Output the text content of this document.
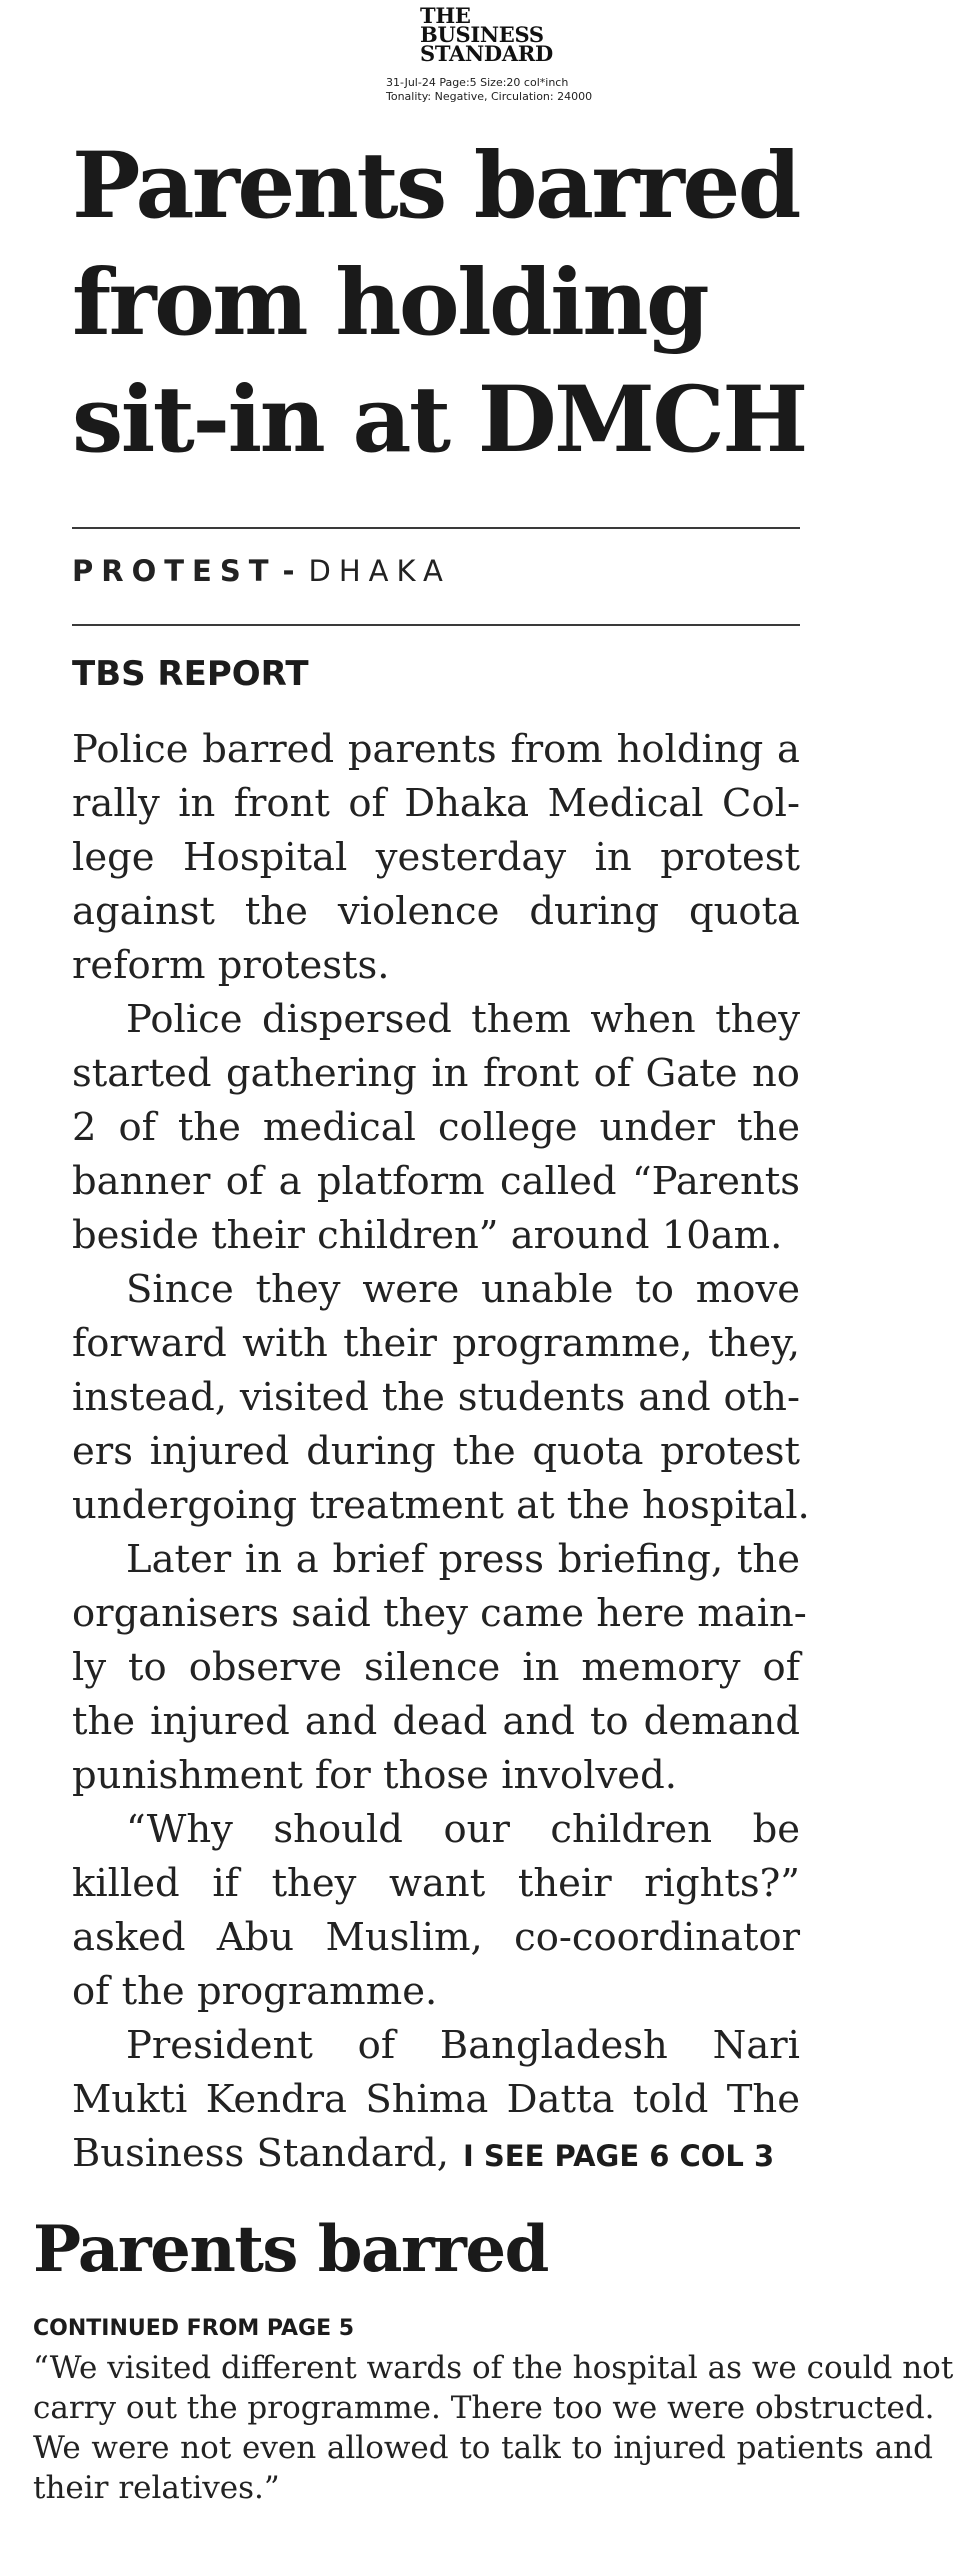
THE
BUSINESS
STANDARD
31-Jul-24 Page:5 Size:20 col*inch
Tonality: Negative, Circulation: 24000
Parents barred
from holding
sit-in at DMCH
PROTEST - DHAKA
TBS REPORT
Police barred parents from holding a
rally in front of Dhaka Medical Col-
lege Hospital yesterday in protest
against the violence during quota
reform protests.
Police dispersed them when they
started gathering in front of Gate no
2 of the medical college under the
banner of a platform called “Parents
beside their children” around 10am.
Since they were unable to move
forward with their programme, they,
instead, visited the students and oth-
ers injured during the quota protest
undergoing treatment at the hospital.
Later in a brief press briefing, the
organisers said they came here main-
ly to observe silence in memory of
the injured and dead and to demand
punishment for those involved.
“Why should our children be
killed if they want their rights?”
asked Abu Muslim, co-coordinator
of the programme.
President of Bangladesh Nari
Mukti Kendra Shima Datta told The
Business Standard, I SEE PAGE 6 COL 3
Parents barred
CONTINUED FROM PAGE 5
“We visited different wards of the hospital as we could not
carry out the programme. There too we were obstructed.
We were not even allowed to talk to injured patients and
their relatives.”
